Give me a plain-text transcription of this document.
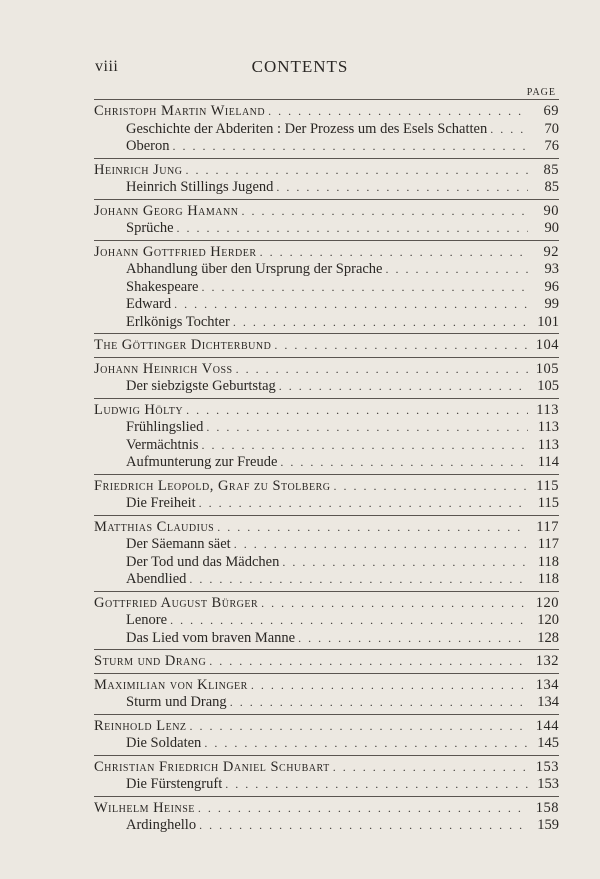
viii	CONTENTS
PAGE
Christoph Martin Wieland . . .	69
Geschichte der Abderiten : Der Prozess um des Esels Schatten . . .	70
Oberon . . .	76
Heinrich Jung . . .	85
Heinrich Stillings Jugend . . .	85
Johann Georg Hamann . . .	90
Sprüche . . .	90
Johann Gottfried Herder . . .	92
Abhandlung über den Ursprung der Sprache . . .	93
Shakespeare . . .	96
Edward . . .	99
Erlkönigs Tochter . . .	101
The Göttinger Dichterbund . . .	104
Johann Heinrich Voss . . .	105
Der siebzigste Geburtstag . . .	105
Ludwig Hölty . . .	113
Frühlingslied . . .	113
Vermächtnis . . .	113
Aufmunterung zur Freude . . .	114
Friedrich Leopold, Graf zu Stolberg . . .	115
Die Freiheit . . .	115
Matthias Claudius . . .	117
Der Säemann säet . . .	117
Der Tod und das Mädchen . . .	118
Abendlied . . .	118
Gottfried August Bürger . . .	120
Lenore . . .	120
Das Lied vom braven Manne . . .	128
Sturm und Drang . . .	132
Maximilian von Klinger . . .	134
Sturm und Drang . . .	134
Reinhold Lenz . . .	144
Die Soldaten . . .	145
Christian Friedrich Daniel Schubart . . .	153
Die Fürstengruft . . .	153
Wilhelm Heinse . . .	158
Ardinghello . . .	159
